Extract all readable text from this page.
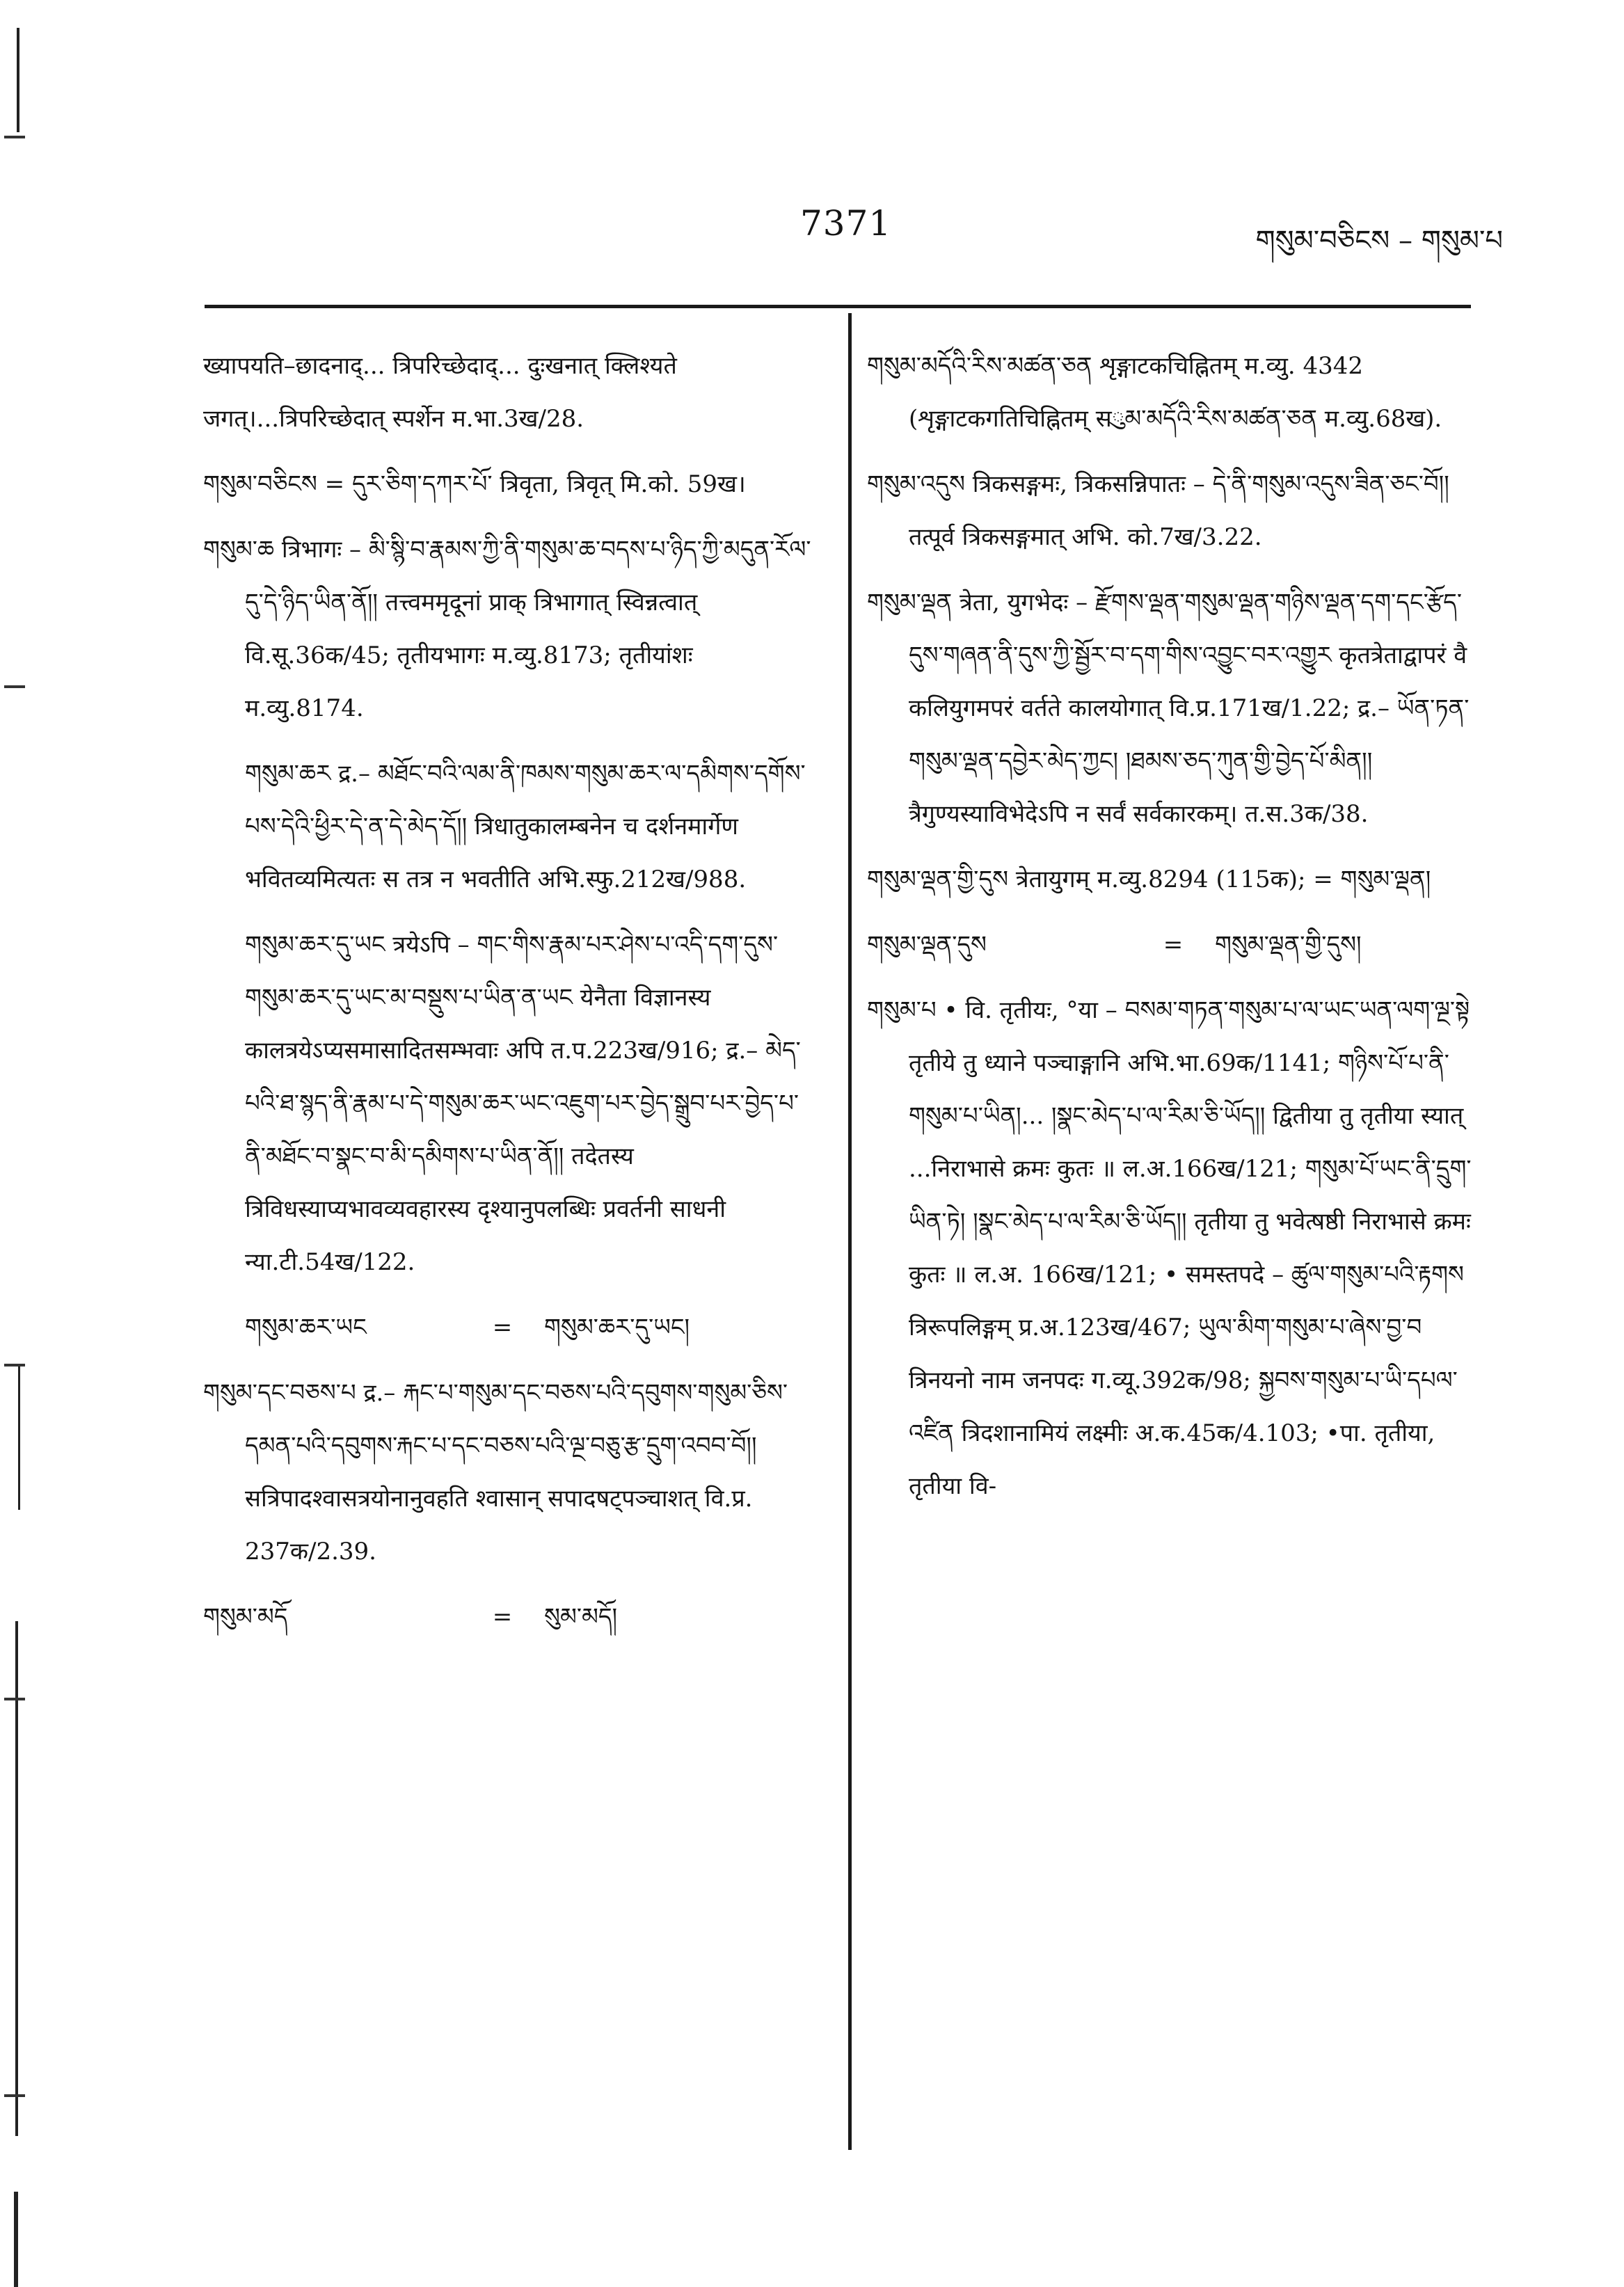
7371	གསུམ་བཅིངས – གསུམ་པ

ख्यापयति–छादनाद्... त्रिपरिच्छेदाद्... दुःखनात् क्लिश्यते जगत्।...त्रिपरिच्छेदात् स्पर्शेन म.भा.3ख/28.

གསུམ་བཅིངས = དུར་ཅིག་དཀར་པོ་ त्रिवृता, त्रिवृत् मि.को. 59ख।

གསུམ་ཆ त्रिभागः – མི་སྙི་བ་རྣམས་ཀྱི་ནི་གསུམ་ཆ་བདས་པ་ཉིད་ཀྱི་མདུན་རོལ་དུ་དེ་ཉིད་ཡིན་ནོ།། तत्त्वममृदूनां प्राक् त्रिभागात् स्विन्नत्वात् वि.सू.36क/45; तृतीयभागः म.व्यु.8173; तृतीयांशः म.व्यु.8174.

གསུམ་ཆར द्र.– མཐོང་བའི་ལམ་ནི་ཁམས་གསུམ་ཆར་ལ་དམིགས་དགོས་པས་དེའི་ཕྱིར་དེ་ན་དེ་མེད་དོ།། त्रिधातुकालम्बनेन च दर्शनमार्गेण भवितव्यमित्यतः स तत्र न भवतीति अभि.स्फु.212ख/988.

གསུམ་ཆར་དུ་ཡང त्रयेऽपि – གང་གིས་རྣམ་པར་ཤེས་པ་འདི་དག་དུས་གསུམ་ཆར་དུ་ཡང་མ་བསྡུས་པ་ཡིན་ན་ཡང येनैता विज्ञानस्य कालत्रयेऽप्यसमासादितसम्भवाः अपि त.प.223ख/916; द्र.– མེད་པའི་ཐ་སྙད་ནི་རྣམ་པ་དེ་གསུམ་ཆར་ཡང་འཇུག་པར་བྱེད་སྒྲུབ་པར་བྱེད་པ་ནི་མཐོང་བ་སྣང་བ་མི་དམིགས་པ་ཡིན་ནོ།། तदेतस्य त्रिविधस्याप्यभावव्यवहारस्य दृश्यानुपलब्धिः प्रवर्तनी साधनी न्या.टी.54ख/122.

གསུམ་ཆར་ཡང	=	གསུམ་ཆར་དུ་ཡང།

གསུམ་དང་བཅས་པ द्र.– རྐང་པ་གསུམ་དང་བཅས་པའི་དབུགས་གསུམ་ཅིས་དམན་པའི་དབུགས་རྐང་པ་དང་བཅས་པའི་ལྔ་བཅུ་རྩ་དྲུག་འབབ་བོ།། सत्रिपादश्वासत्रयोनानुवहति श्वासान् सपादषट्पञ्चाशत् वि.प्र. 237क/2.39.

གསུམ་མདོ	=	སུམ་མདོ།

གསུམ་མདོའི་རིས་མཚན་ཅན शृङ्गाटकचिह्नितम् म.व्यु. 4342 (शृङ्गाटकगतिचिह्नितम् सུམ་མདོའི་རིས་མཚན་ཅན म.व्यु.68ख).

གསུམ་འདུས त्रिकसङ्गमः, त्रिकसन्निपातः – དེ་ནི་གསུམ་འདུས་ཟིན་ཅང་བོ།། तत्पूर्व त्रिकसङ्गमात् अभि. को.7ख/3.22.

གསུམ་ལྡན त्रेता, युगभेदः – རྫོགས་ལྡན་གསུམ་ལྡན་གཉིས་ལྡན་དག་དང་རྩོད་དུས་གཞན་ནི་དུས་ཀྱི་སྦྱོར་བ་དག་གིས་འབྱུང་བར་འགྱུར कृतत्रेताद्वापरं वै कलियुगमपरं वर्तते कालयोगात् वि.प्र.171ख/1.22; द्र.– ཡོན་ཏན་གསུམ་ལྡན་དབྱེར་མེད་ཀྱང། །ཐམས་ཅད་ཀུན་གྱི་བྱེད་པོ་མིན།། त्रैगुण्यस्याविभेदेऽपि न सर्वं सर्वकारकम्। त.स.3क/38.

གསུམ་ལྡན་གྱི་དུས त्रेतायुगम् म.व्यु.8294 (115क); = གསུམ་ལྡན།

གསུམ་ལྡན་དུས	=	གསུམ་ལྡན་གྱི་དུས།

གསུམ་པ • वि. तृतीयः, °या – བསམ་གཏན་གསུམ་པ་ལ་ཡང་ཡན་ལག་ལྔ་སྟེ तृतीये तु ध्याने पञ्चाङ्गानि अभि.भा.69क/1141; གཉིས་པོ་པ་ནི་གསུམ་པ་ཡིན།... །སྣང་མེད་པ་ལ་རིམ་ཅི་ཡོད།། द्वितीया तु तृतीया स्यात् ...निराभासे क्रमः कुतः ॥ ल.अ.166ख/121; གསུམ་པོ་ཡང་ནི་དྲུག་ཡིན་ཏེ། །སྣང་མེད་པ་ལ་རིམ་ཅི་ཡོད།། तृतीया तु भवेत्षष्ठी निराभासे क्रमः कुतः ॥ ल.अ. 166ख/121; • समस्तपदे – ཚུལ་གསུམ་པའི་རྟགས त्रिरूपलिङ्गम् प्र.अ.123ख/467; ཡུལ་མིག་གསུམ་པ་ཞེས་བྱ་བ त्रिनयनो नाम जनपदः ग.व्यू.392क/98; སྐྱབས་གསུམ་པ་ཡི་དཔལ་འཛིན त्रिदशानामियं लक्ष्मीः अ.क.45क/4.103; •पा. तृतीया, तृतीया वि-
